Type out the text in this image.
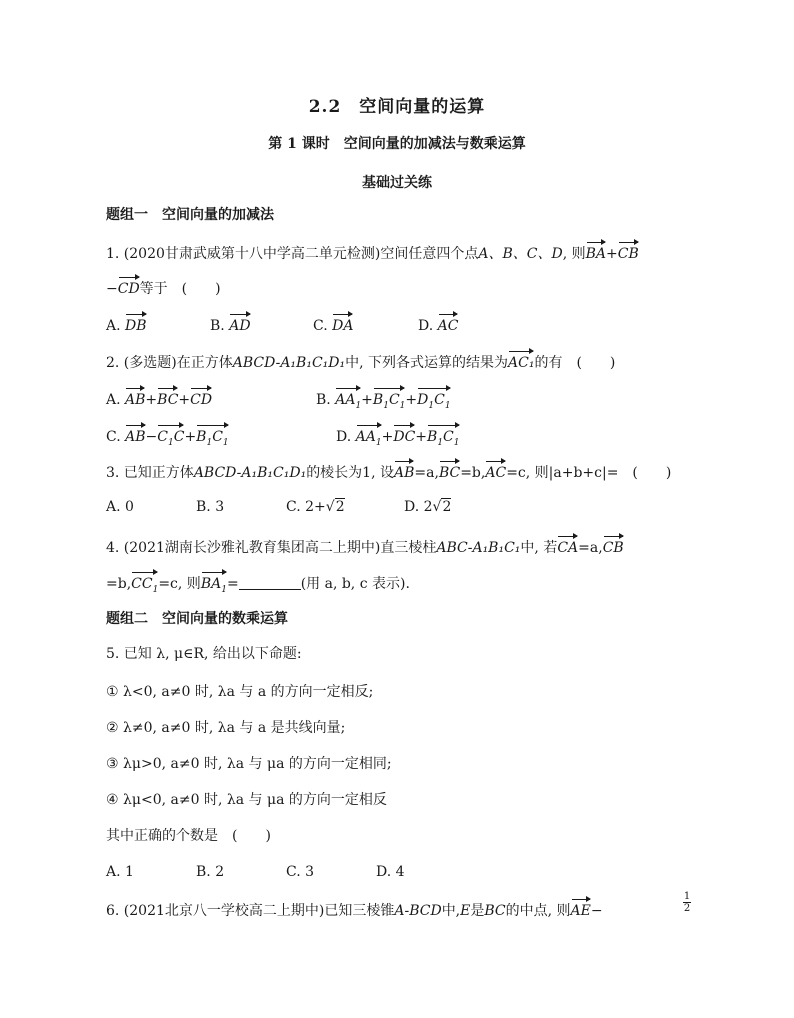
2.2　空间向量的运算
第 1 课时　空间向量的加减法与数乘运算
基础过关练
题组一　空间向量的加减法
1. (2020甘肃武威第十八中学高二单元检测)空间任意四个点A、B、C、D, 则BA+CB
−CD等于　(　　)
A. DB	B. AD	C. DA	D. AC
2. (多选题)在正方体ABCD-A₁B₁C₁D₁中, 下列各式运算的结果为AC₁的有　(　　)
A. AB+BC+CD	B. $AA_1+B_1C_1+D_1C_1$
C. $AB-C_1C+B_1C_1$	D. $AA_1+DC+B_1C_1$
3. 已知正方体ABCD-A₁B₁C₁D₁的棱长为1, 设AB=a,BC=b,AC=c, 则|a+b+c|=　(　　)
A. 0	B. 3	C. 2+√2	D. 2√2
4. (2021湖南长沙雅礼教育集团高二上期中)直三棱柱ABC-A₁B₁C₁中, 若CA=a,CB
$=b,CC_1=c$, 则$BA_1=$	(用 a, b, c 表示).
题组二　空间向量的数乘运算
5. 已知 λ, μ∈R, 给出以下命题:
① λ<0, a≠0 时, λa 与 a 的方向一定相反;
② λ≠0, a≠0 时, λa 与 a 是共线向量;
③ λμ>0, a≠0 时, λa 与 μa 的方向一定相同;
④ λμ<0, a≠0 时, λa 与 μa 的方向一定相反
其中正确的个数是　(　　)
A. 1	B. 2	C. 3	D. 4
6. (2021北京八一学校高二上期中)已知三棱锥A-BCD中,E是BC的中点, 则AE−
1
2
